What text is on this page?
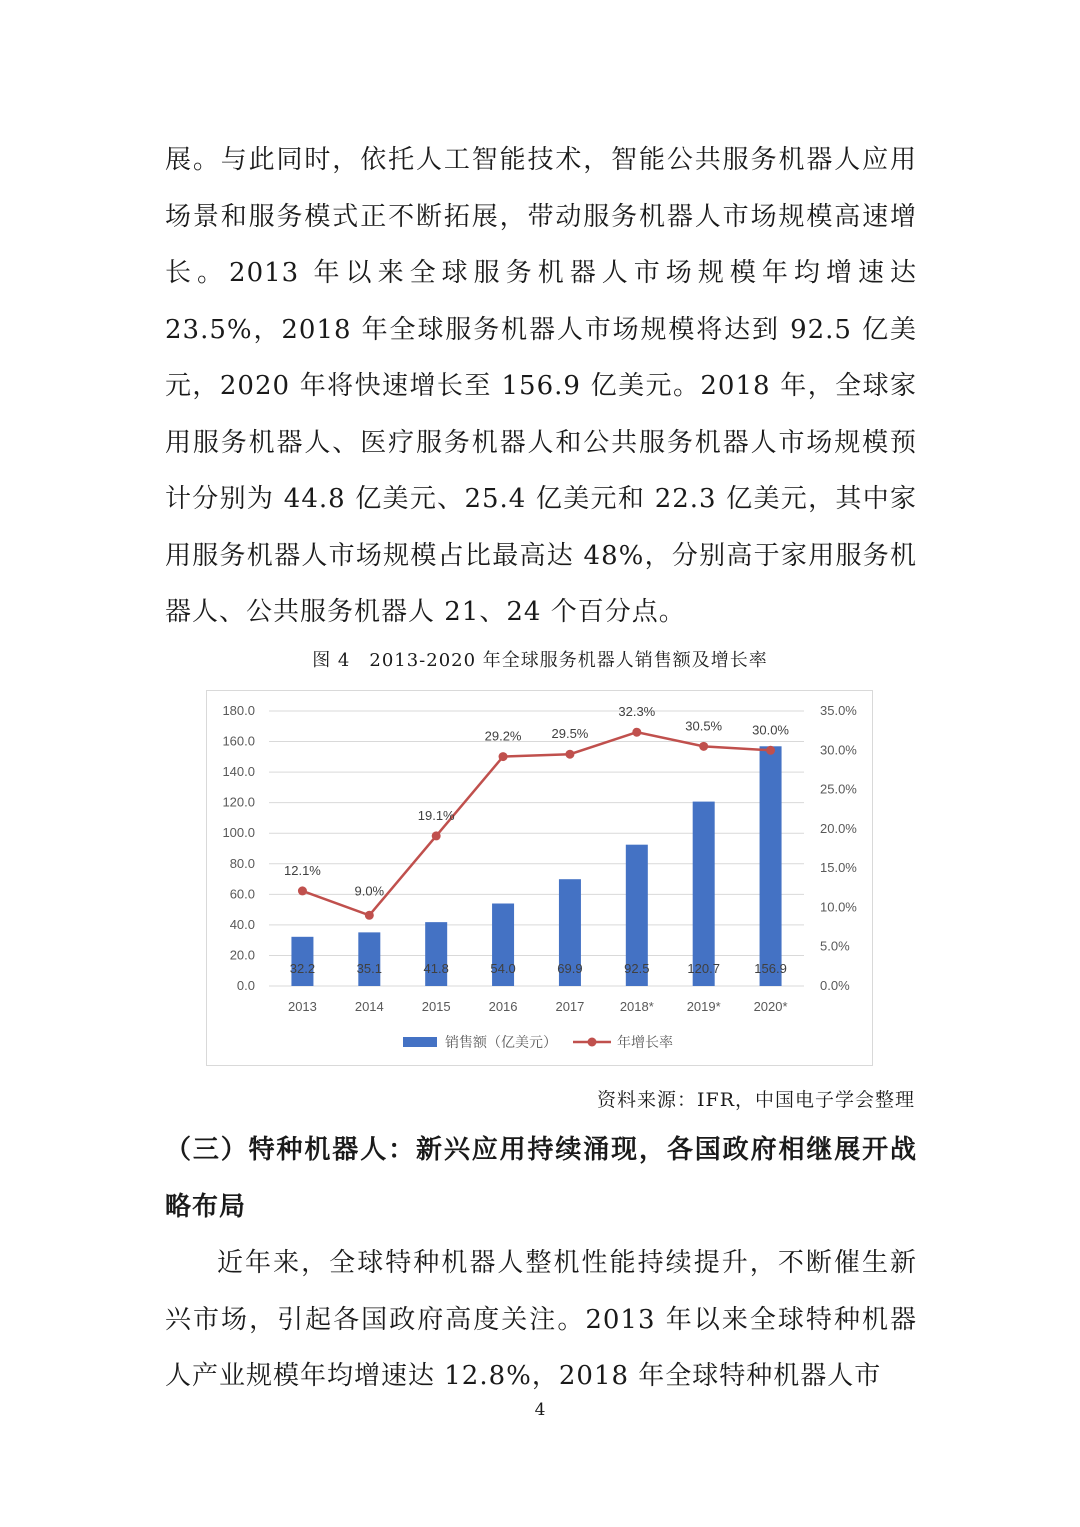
展。与此同时，依托人工智能技术，智能公共服务机器人应用场景和服务模式正不断拓展，带动服务机器人市场规模高速增长。2013 年以来全球服务机器人市场规模年均增速达 23.5%，2018 年全球服务机器人市场规模将达到 92.5 亿美元，2020 年将快速增长至 156.9 亿美元。2018 年，全球家用服务机器人、医疗服务机器人和公共服务机器人市场规模预计分别为 44.8 亿美元、25.4 亿美元和 22.3 亿美元，其中家用服务机器人市场规模占比最高达 48%，分别高于家用服务机器人、公共服务机器人 21、24 个百分点。

图 4　2013-2020 年全球服务机器人销售额及增长率
0.0
20.0
40.0
60.0
80.0
100.0
120.0
140.0
160.0
180.0
0.0%
5.0%
10.0%
15.0%
20.0%
25.0%
30.0%
35.0%
32.2
2013
35.1
2014
41.8
2015
54.0
2016
69.9
2017
92.5
2018*
120.7
2019*
156.9
2020*
12.1%
9.0%
19.1%
29.2% 29.5%
32.3%
30.5% 30.0%
销售额（亿美元）	年增长率
资料来源：IFR，中国电子学会整理

（三）特种机器人：新兴应用持续涌现，各国政府相继展开战略布局

近年来，全球特种机器人整机性能持续提升，不断催生新兴市场，引起各国政府高度关注。2013 年以来全球特种机器人产业规模年均增速达 12.8%，2018 年全球特种机器人市

4
